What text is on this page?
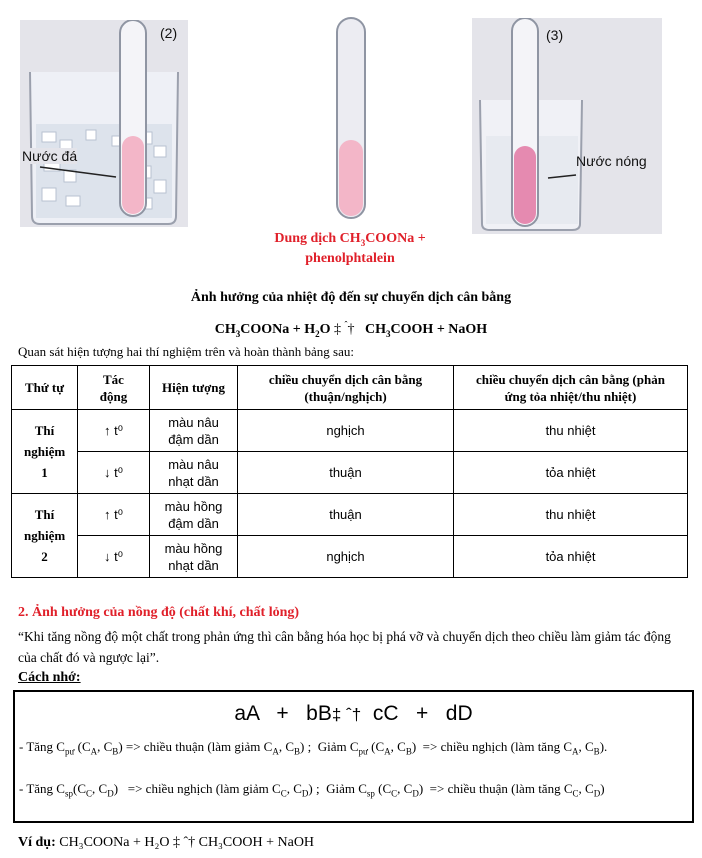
(2)
Nước đá
(3)
Nước nóng
Dung dịch $CH_3COONa$ +
phenolphtalein
Ảnh hưởng của nhiệt độ đến sự chuyển dịch cân bằng
$CH_3COONa + H_2O$ ‡ $^ˆ$†   $CH_3COOH$ + NaOH
Quan sát hiện tượng hai thí nghiệm trên và hoàn thành bảng sau:
Thứ tự	Tác động	Hiện tượng	chiều chuyển dịch cân bằng (thuận/nghịch)	chiều chuyển dịch cân bằng (phản ứng tỏa nhiệt/thu nhiệt)
Thí nghiệm 1	↑ t⁰	màu nâu đậm dần	nghịch	thu nhiệt
	↓ t⁰	màu nâu nhạt dần	thuận	tỏa nhiệt
Thí nghiệm 2	↑ t⁰	màu hồng đậm dần	thuận	thu nhiệt
	↓ t⁰	màu hồng nhạt dần	nghịch	tỏa nhiệt
2. Ảnh hưởng của nồng độ (chất khí, chất lỏng)
“Khi tăng nồng độ một chất trong phản ứng thì cân bằng hóa học bị phá vỡ và chuyển dịch theo chiều làm giảm tác động của chất đó và ngược lại”.
Cách nhớ:
aA   +   bB‡ ˆ† cC   +   dD
- Tăng $C_{pư}$ ($C_A$, $C_B$) => chiều thuận (làm giảm $C_A$, $C_B$) ;  Giảm $C_{pư}$ ($C_A$, $C_B$)  => chiều nghịch (làm tăng $C_A$, $C_B$).
- Tăng $C_{sp}(C_C$, $C_D$)   => chiều nghịch (làm giảm $C_C$, $C_D$) ;  Giảm $C_{sp}$ ($C_C$, $C_D$)  => chiều thuận (làm tăng $C_C$, $C_D$)
Ví dụ: CH₃COONa + H₂O ‡ ˆ† CH₃COOH + NaOH
